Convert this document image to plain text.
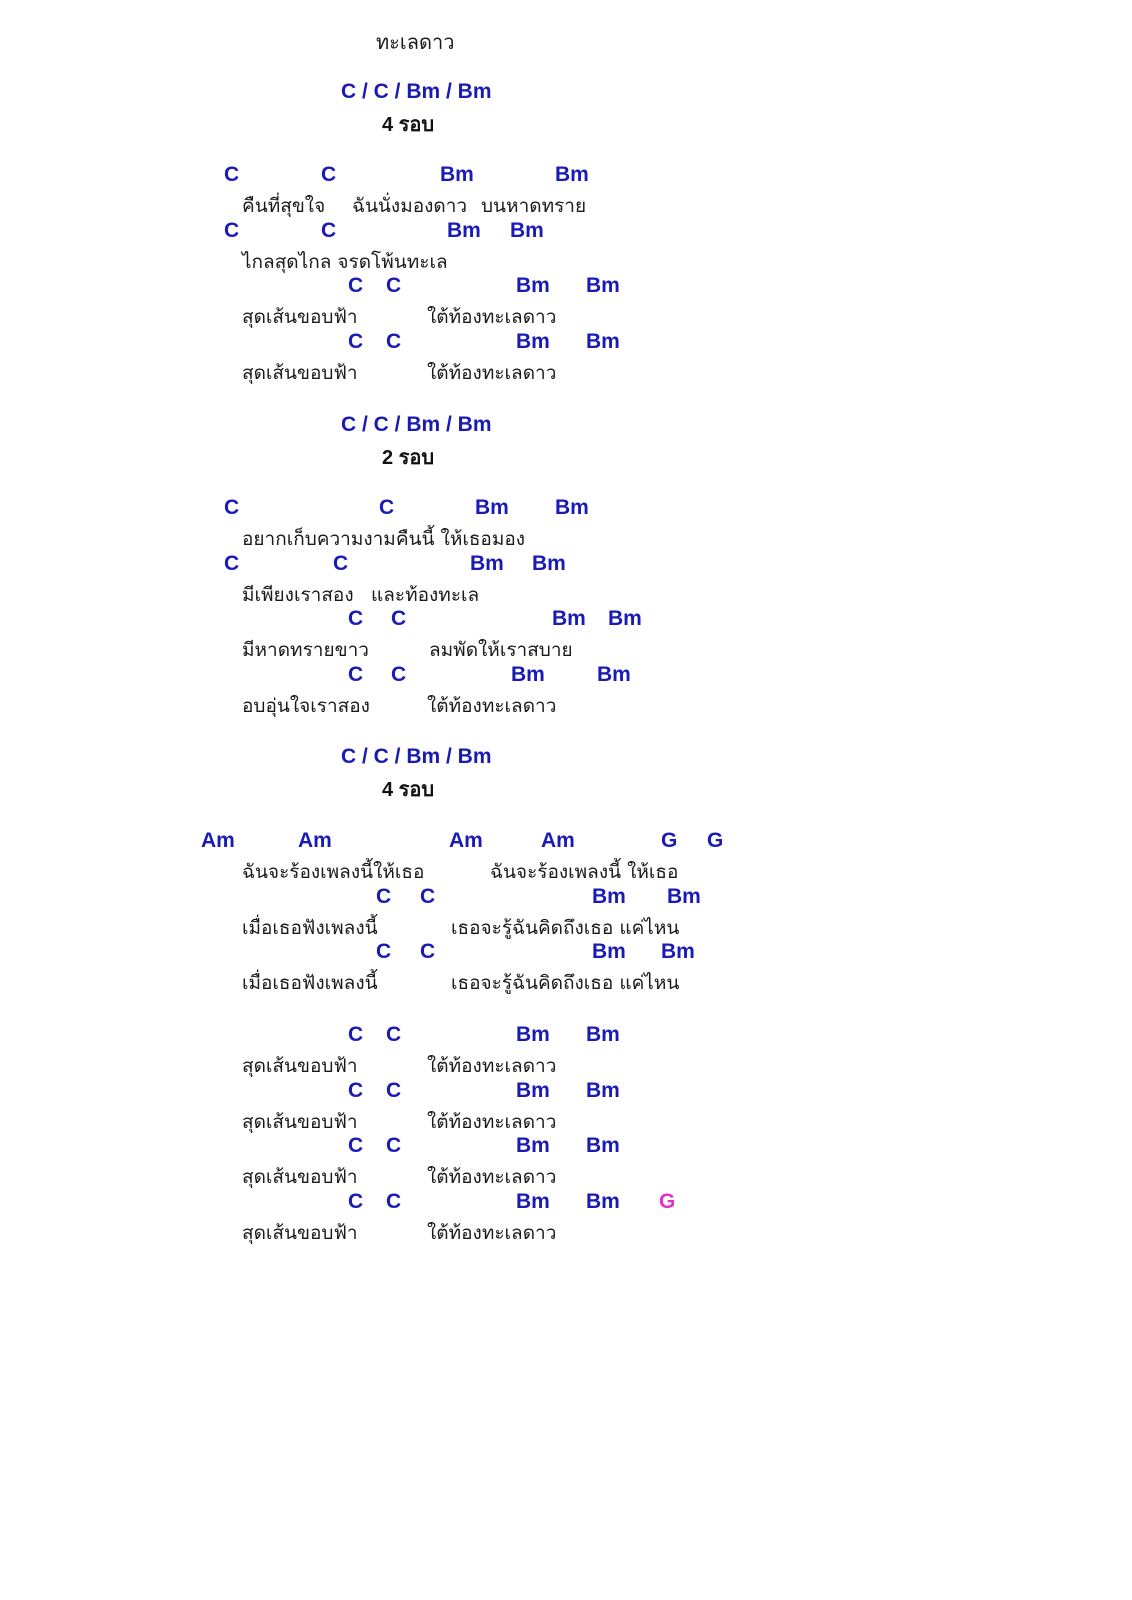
ทะเลดาว
C / C / Bm / Bm
4 รอบ
C	C	Bm	Bm
คืนที่สุขใจ ฉันนั่งมองดาว บนหาดทราย
C	C	Bm Bm
ไกลสุดไกล จรดโพ้นทะเล
C C	Bm Bm
สุดเส้นขอบฟ้า	ใต้ท้องทะเลดาว
C C	Bm Bm
สุดเส้นขอบฟ้า	ใต้ท้องทะเลดาว
C / C / Bm / Bm
2 รอบ
C	C	Bm Bm
อยากเก็บความงามคืนนี้ ให้เธอมอง
C	C	Bm Bm
มีเพียงเราสอง และท้องทะเล
C C	Bm Bm
มีหาดทรายขาว	ลมพัดให้เราสบาย
C C	Bm Bm
อบอุ่นใจเราสอง	ใต้ท้องทะเลดาว
C / C / Bm / Bm
4 รอบ
Am	Am	Am	Am	G G
ฉันจะร้องเพลงนี้ให้เธอ	ฉันจะร้องเพลงนี้ ให้เธอ
C C	Bm Bm
เมื่อเธอฟังเพลงนี้	เธอจะรู้ฉันคิดถึงเธอ แค่ไหน
C C	Bm Bm
เมื่อเธอฟังเพลงนี้	เธอจะรู้ฉันคิดถึงเธอ แค่ไหน
C C	Bm Bm
สุดเส้นขอบฟ้า	ใต้ท้องทะเลดาว
C C	Bm Bm
สุดเส้นขอบฟ้า	ใต้ท้องทะเลดาว
C C	Bm Bm
สุดเส้นขอบฟ้า	ใต้ท้องทะเลดาว
C C	Bm Bm G
สุดเส้นขอบฟ้า	ใต้ท้องทะเลดาว
